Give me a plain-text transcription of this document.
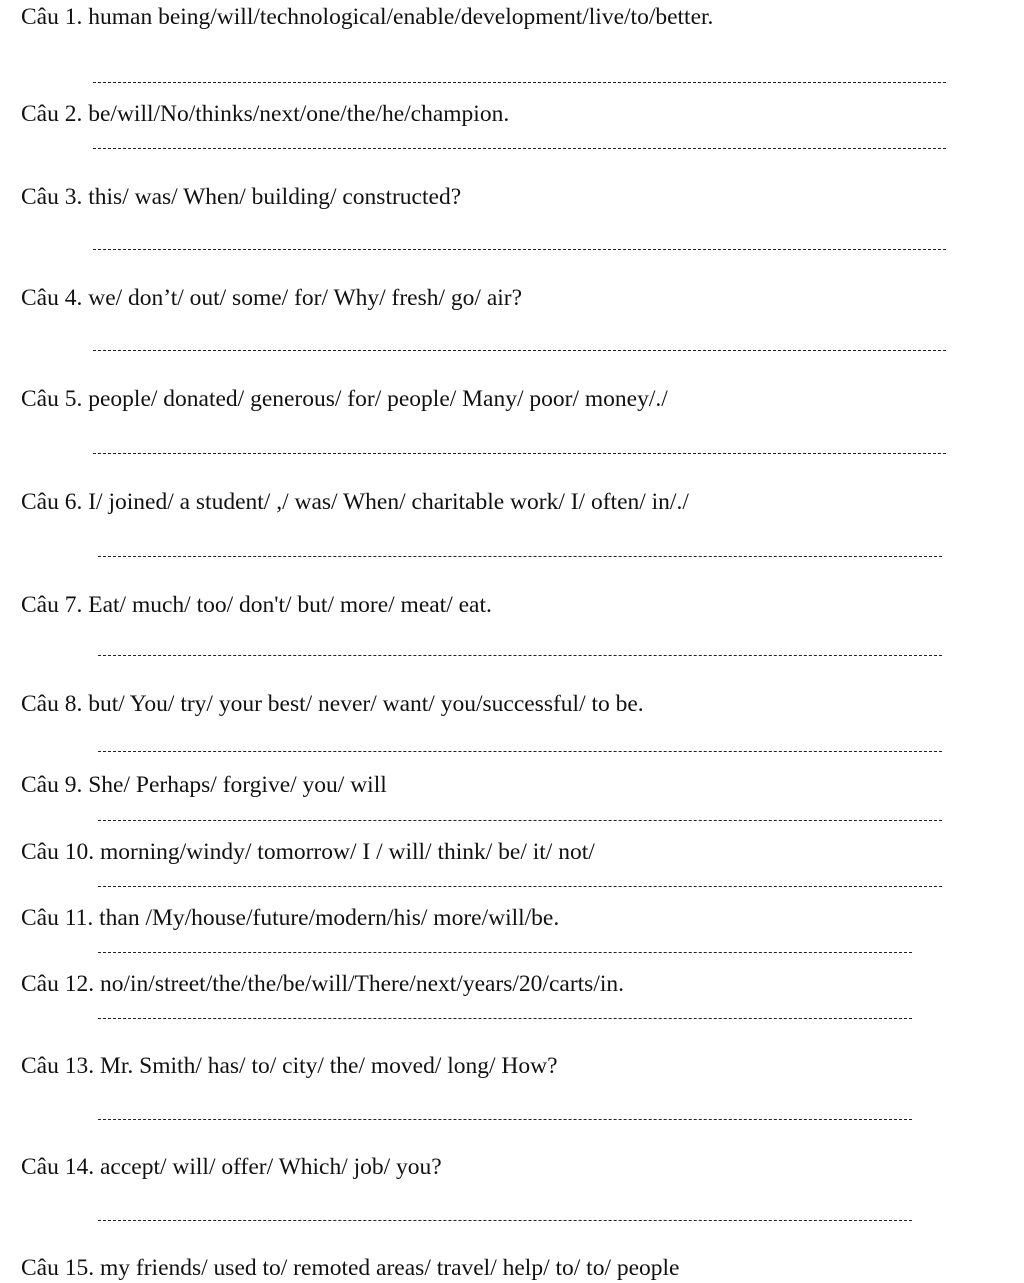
Câu 1. human being/will/technological/enable/development/live/to/better.
Câu 2. be/will/No/thinks/next/one/the/he/champion.
Câu 3. this/ was/ When/ building/ constructed?
Câu 4. we/ don’t/ out/ some/ for/ Why/ fresh/ go/ air?
Câu 5. people/ donated/ generous/ for/ people/ Many/ poor/ money/./
Câu 6. I/ joined/ a student/ ,/ was/ When/ charitable work/ I/ often/ in/./
Câu 7. Eat/ much/ too/ don't/ but/ more/ meat/ eat.
Câu 8. but/ You/ try/ your best/ never/ want/ you/successful/ to be.
Câu 9. She/ Perhaps/ forgive/ you/ will
Câu 10. morning/windy/ tomorrow/ I / will/ think/ be/ it/ not/
Câu 11. than /My/house/future/modern/his/ more/will/be.
Câu 12. no/in/street/the/the/be/will/There/next/years/20/carts/in.
Câu 13. Mr. Smith/ has/ to/ city/ the/ moved/ long/ How?
Câu 14. accept/ will/ offer/ Which/ job/ you?
Câu 15. my friends/ used to/ remoted areas/ travel/ help/ to/ to/ people
